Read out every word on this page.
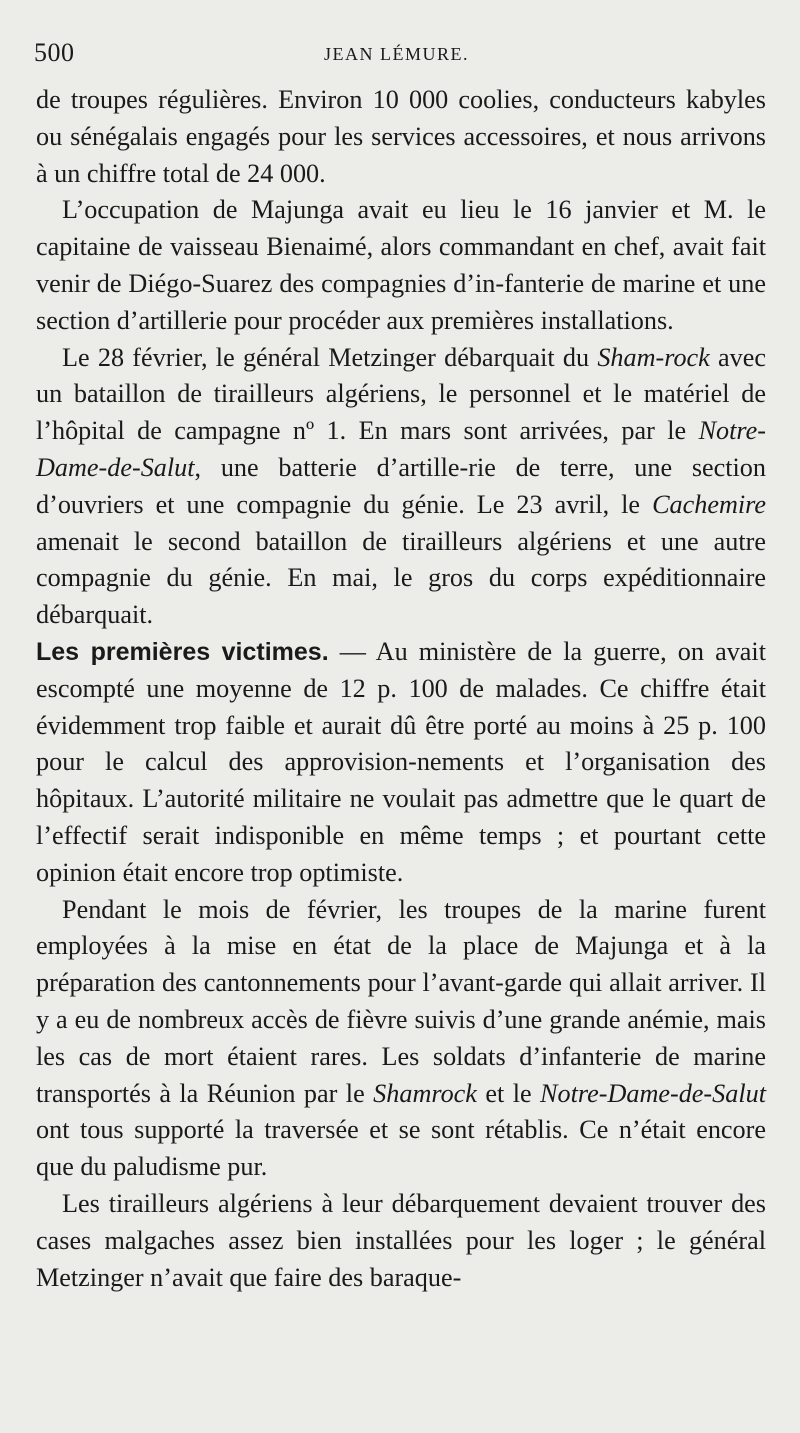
500	JEAN LÉMURE.

de troupes régulières. Environ 10 000 coolies, conducteurs kabyles ou sénégalais engagés pour les services accessoires, et nous arrivons à un chiffre total de 24 000.

L’occupation de Majunga avait eu lieu le 16 janvier et M. le capitaine de vaisseau Bienaimé, alors commandant en chef, avait fait venir de Diégo-Suarez des compagnies d’in-fanterie de marine et une section d’artillerie pour procéder aux premières installations.

Le 28 février, le général Metzinger débarquait du Sham-rock avec un bataillon de tirailleurs algériens, le personnel et le matériel de l’hôpital de campagne nº 1. En mars sont arrivées, par le Notre-Dame-de-Salut, une batterie d’artille-rie de terre, une section d’ouvriers et une compagnie du génie. Le 23 avril, le Cachemire amenait le second bataillon de tirailleurs algériens et une autre compagnie du génie. En mai, le gros du corps expéditionnaire débarquait.

Les premières victimes. — Au ministère de la guerre, on avait escompté une moyenne de 12 p. 100 de malades. Ce chiffre était évidemment trop faible et aurait dû être porté au moins à 25 p. 100 pour le calcul des approvision-nements et l’organisation des hôpitaux. L’autorité militaire ne voulait pas admettre que le quart de l’effectif serait indisponible en même temps ; et pourtant cette opinion était encore trop optimiste.

Pendant le mois de février, les troupes de la marine furent employées à la mise en état de la place de Majunga et à la préparation des cantonnements pour l’avant-garde qui allait arriver. Il y a eu de nombreux accès de fièvre suivis d’une grande anémie, mais les cas de mort étaient rares. Les soldats d’infanterie de marine transportés à la Réunion par le Shamrock et le Notre-Dame-de-Salut ont tous supporté la traversée et se sont rétablis. Ce n’était encore que du paludisme pur.

Les tirailleurs algériens à leur débarquement devaient trouver des cases malgaches assez bien installées pour les loger ; le général Metzinger n’avait que faire des baraque-
